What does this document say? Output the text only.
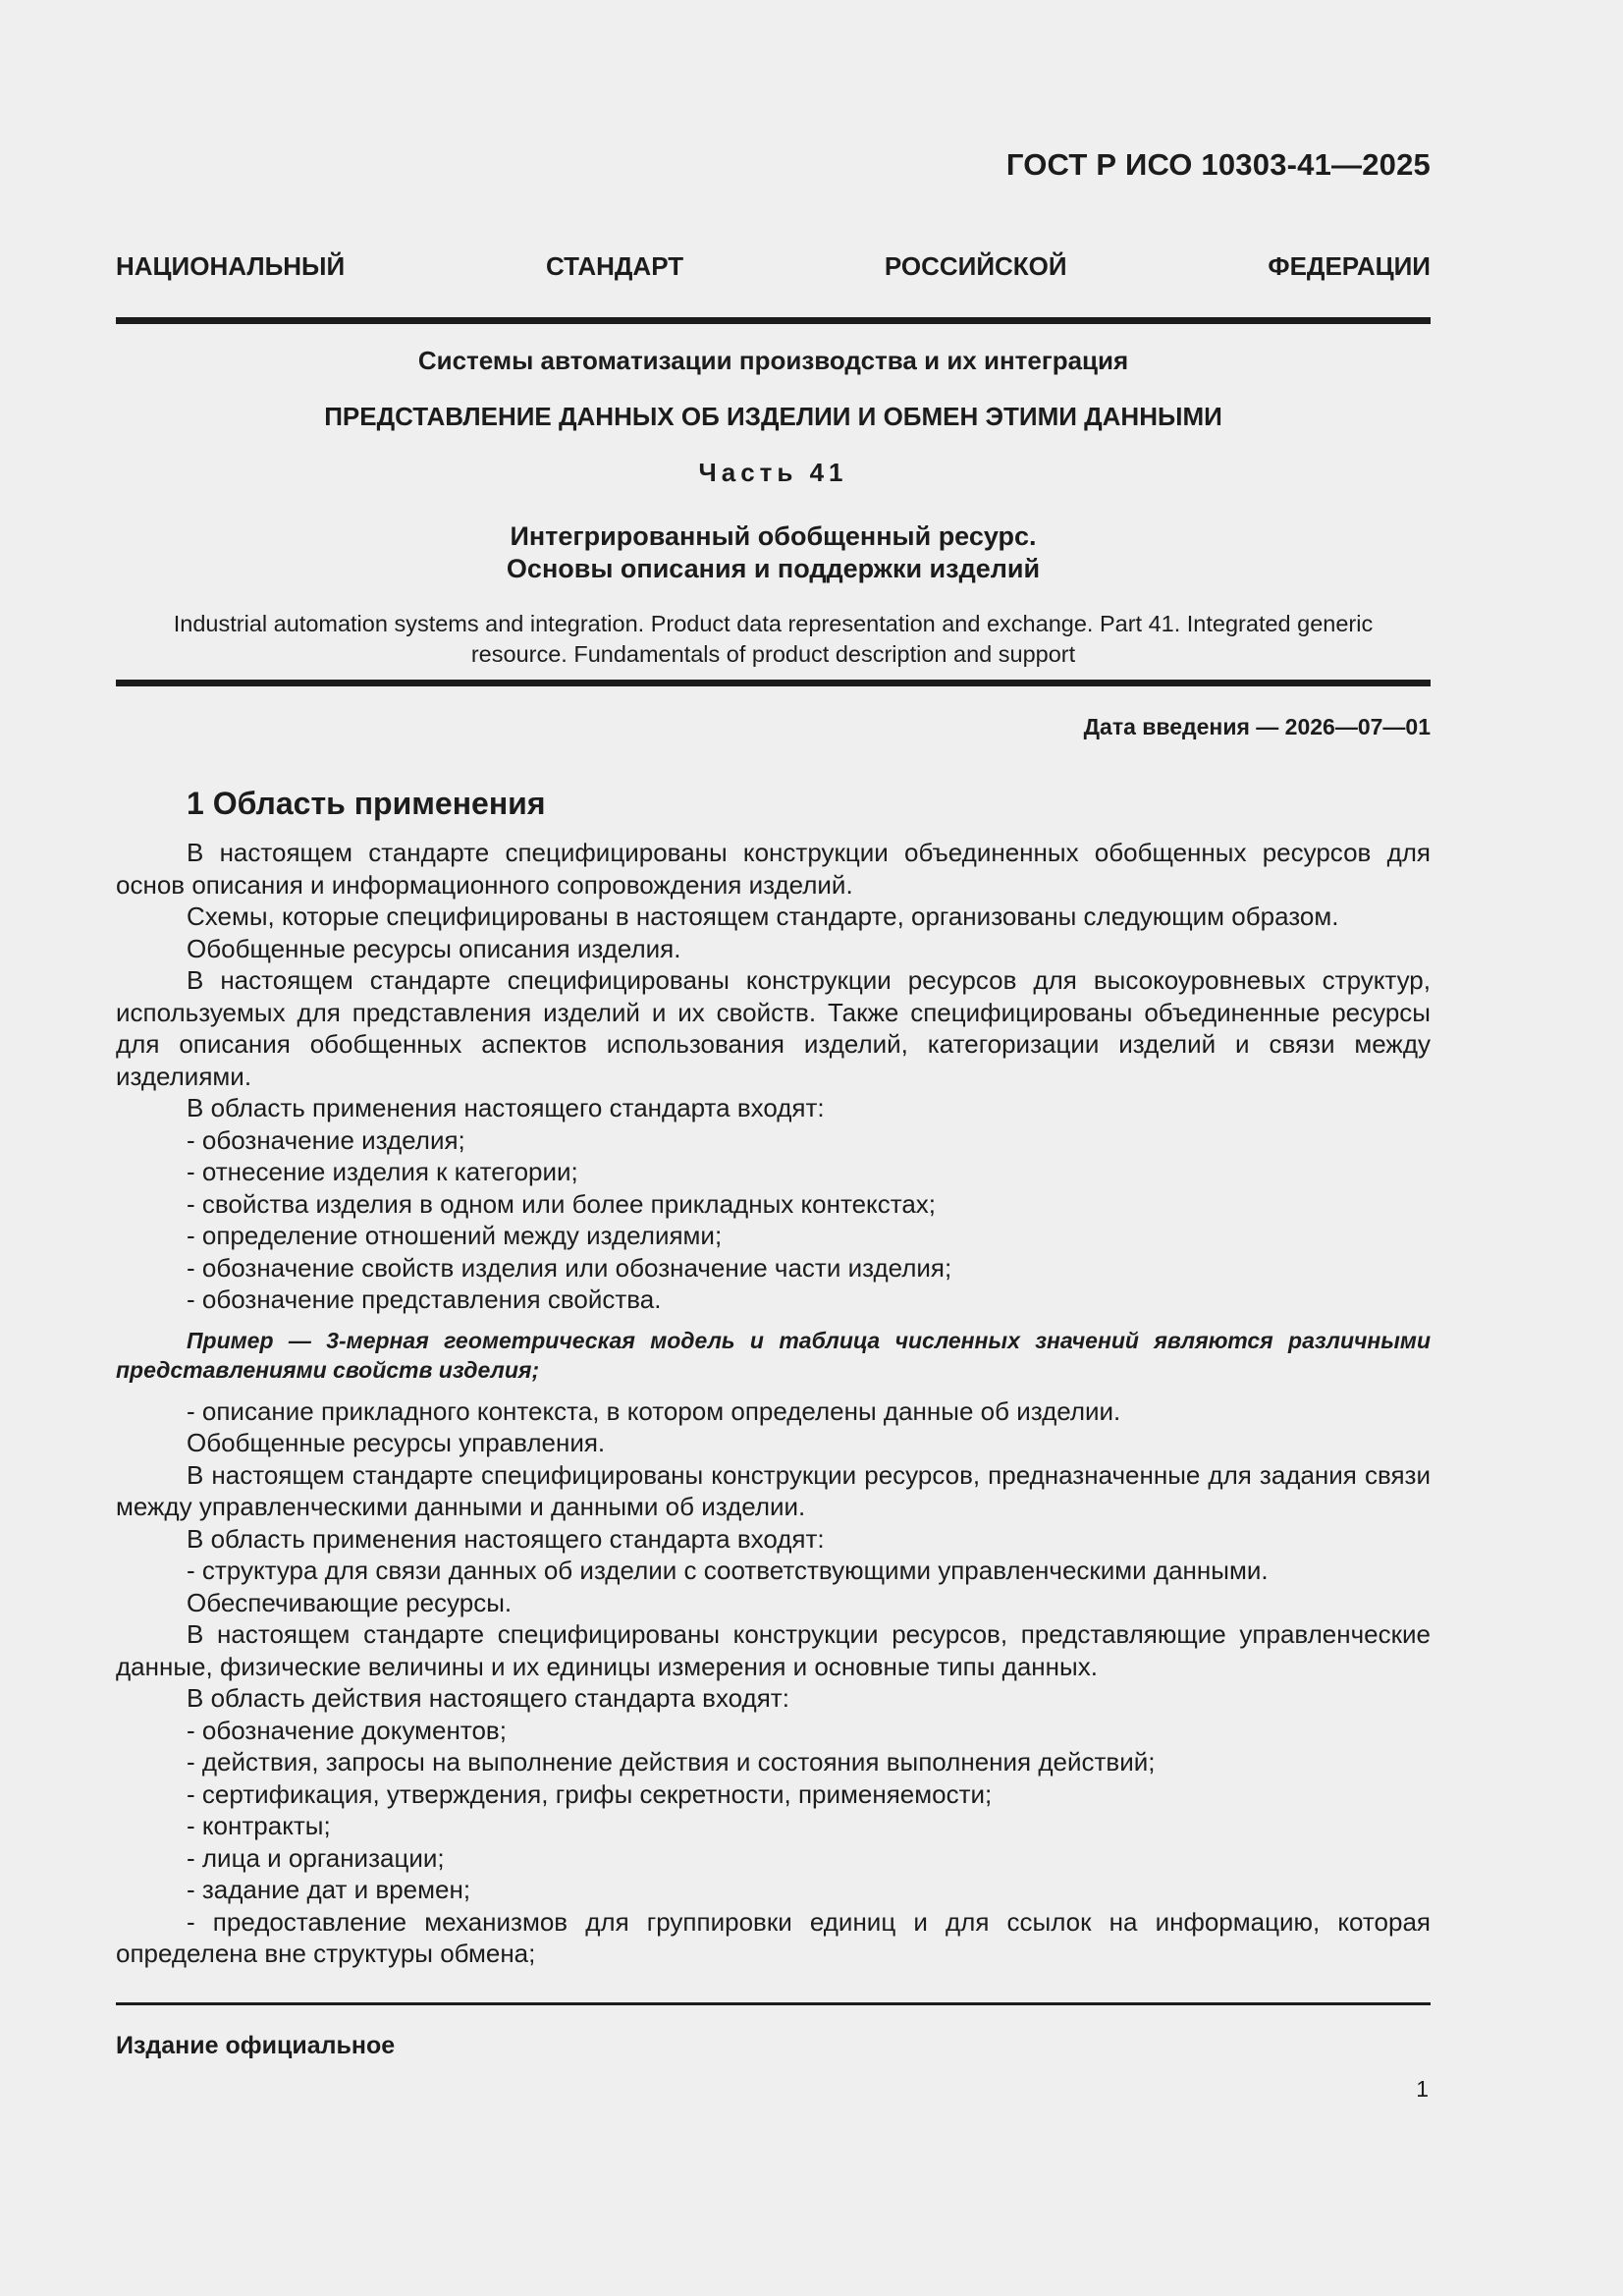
ГОСТ Р ИСО 10303-41—2025
НАЦИОНАЛЬНЫЙ СТАНДАРТ РОССИЙСКОЙ ФЕДЕРАЦИИ
Системы автоматизации производства и их интеграция
ПРЕДСТАВЛЕНИЕ ДАННЫХ ОБ ИЗДЕЛИИ И ОБМЕН ЭТИМИ ДАННЫМИ
Часть 41
Интегрированный обобщенный ресурс.
Основы описания и поддержки изделий
Industrial automation systems and integration. Product data representation and exchange. Part 41. Integrated generic
resource. Fundamentals of product description and support
Дата введения — 2026—07—01
1 Область применения

В настоящем стандарте специфицированы конструкции объединенных обобщенных ресурсов для основ описания и информационного сопровождения изделий.

Схемы, которые специфицированы в настоящем стандарте, организованы следующим образом.

Обобщенные ресурсы описания изделия.

В настоящем стандарте специфицированы конструкции ресурсов для высокоуровневых структур, используемых для представления изделий и их свойств. Также специфицированы объединенные ресурсы для описания обобщенных аспектов использования изделий, категоризации изделий и связи между изделиями.

В область применения настоящего стандарта входят:

- обозначение изделия;

- отнесение изделия к категории;

- свойства изделия в одном или более прикладных контекстах;

- определение отношений между изделиями;

- обозначение свойств изделия или обозначение части изделия;

- обозначение представления свойства.

Пример — 3-мерная геометрическая модель и таблица численных значений являются различными представлениями свойств изделия;

- описание прикладного контекста, в котором определены данные об изделии.

Обобщенные ресурсы управления.

В настоящем стандарте специфицированы конструкции ресурсов, предназначенные для задания связи между управленческими данными и данными об изделии.

В область применения настоящего стандарта входят:

- структура для связи данных об изделии с соответствующими управленческими данными.

Обеспечивающие ресурсы.

В настоящем стандарте специфицированы конструкции ресурсов, представляющие управленческие данные, физические величины и их единицы измерения и основные типы данных.

В область действия настоящего стандарта входят:

- обозначение документов;

- действия, запросы на выполнение действия и состояния выполнения действий;

- сертификация, утверждения, грифы секретности, применяемости;

- контракты;

- лица и организации;

- задание дат и времен;

- предоставление механизмов для группировки единиц и для ссылок на информацию, которая определена вне структуры обмена;

Издание официальное
1
